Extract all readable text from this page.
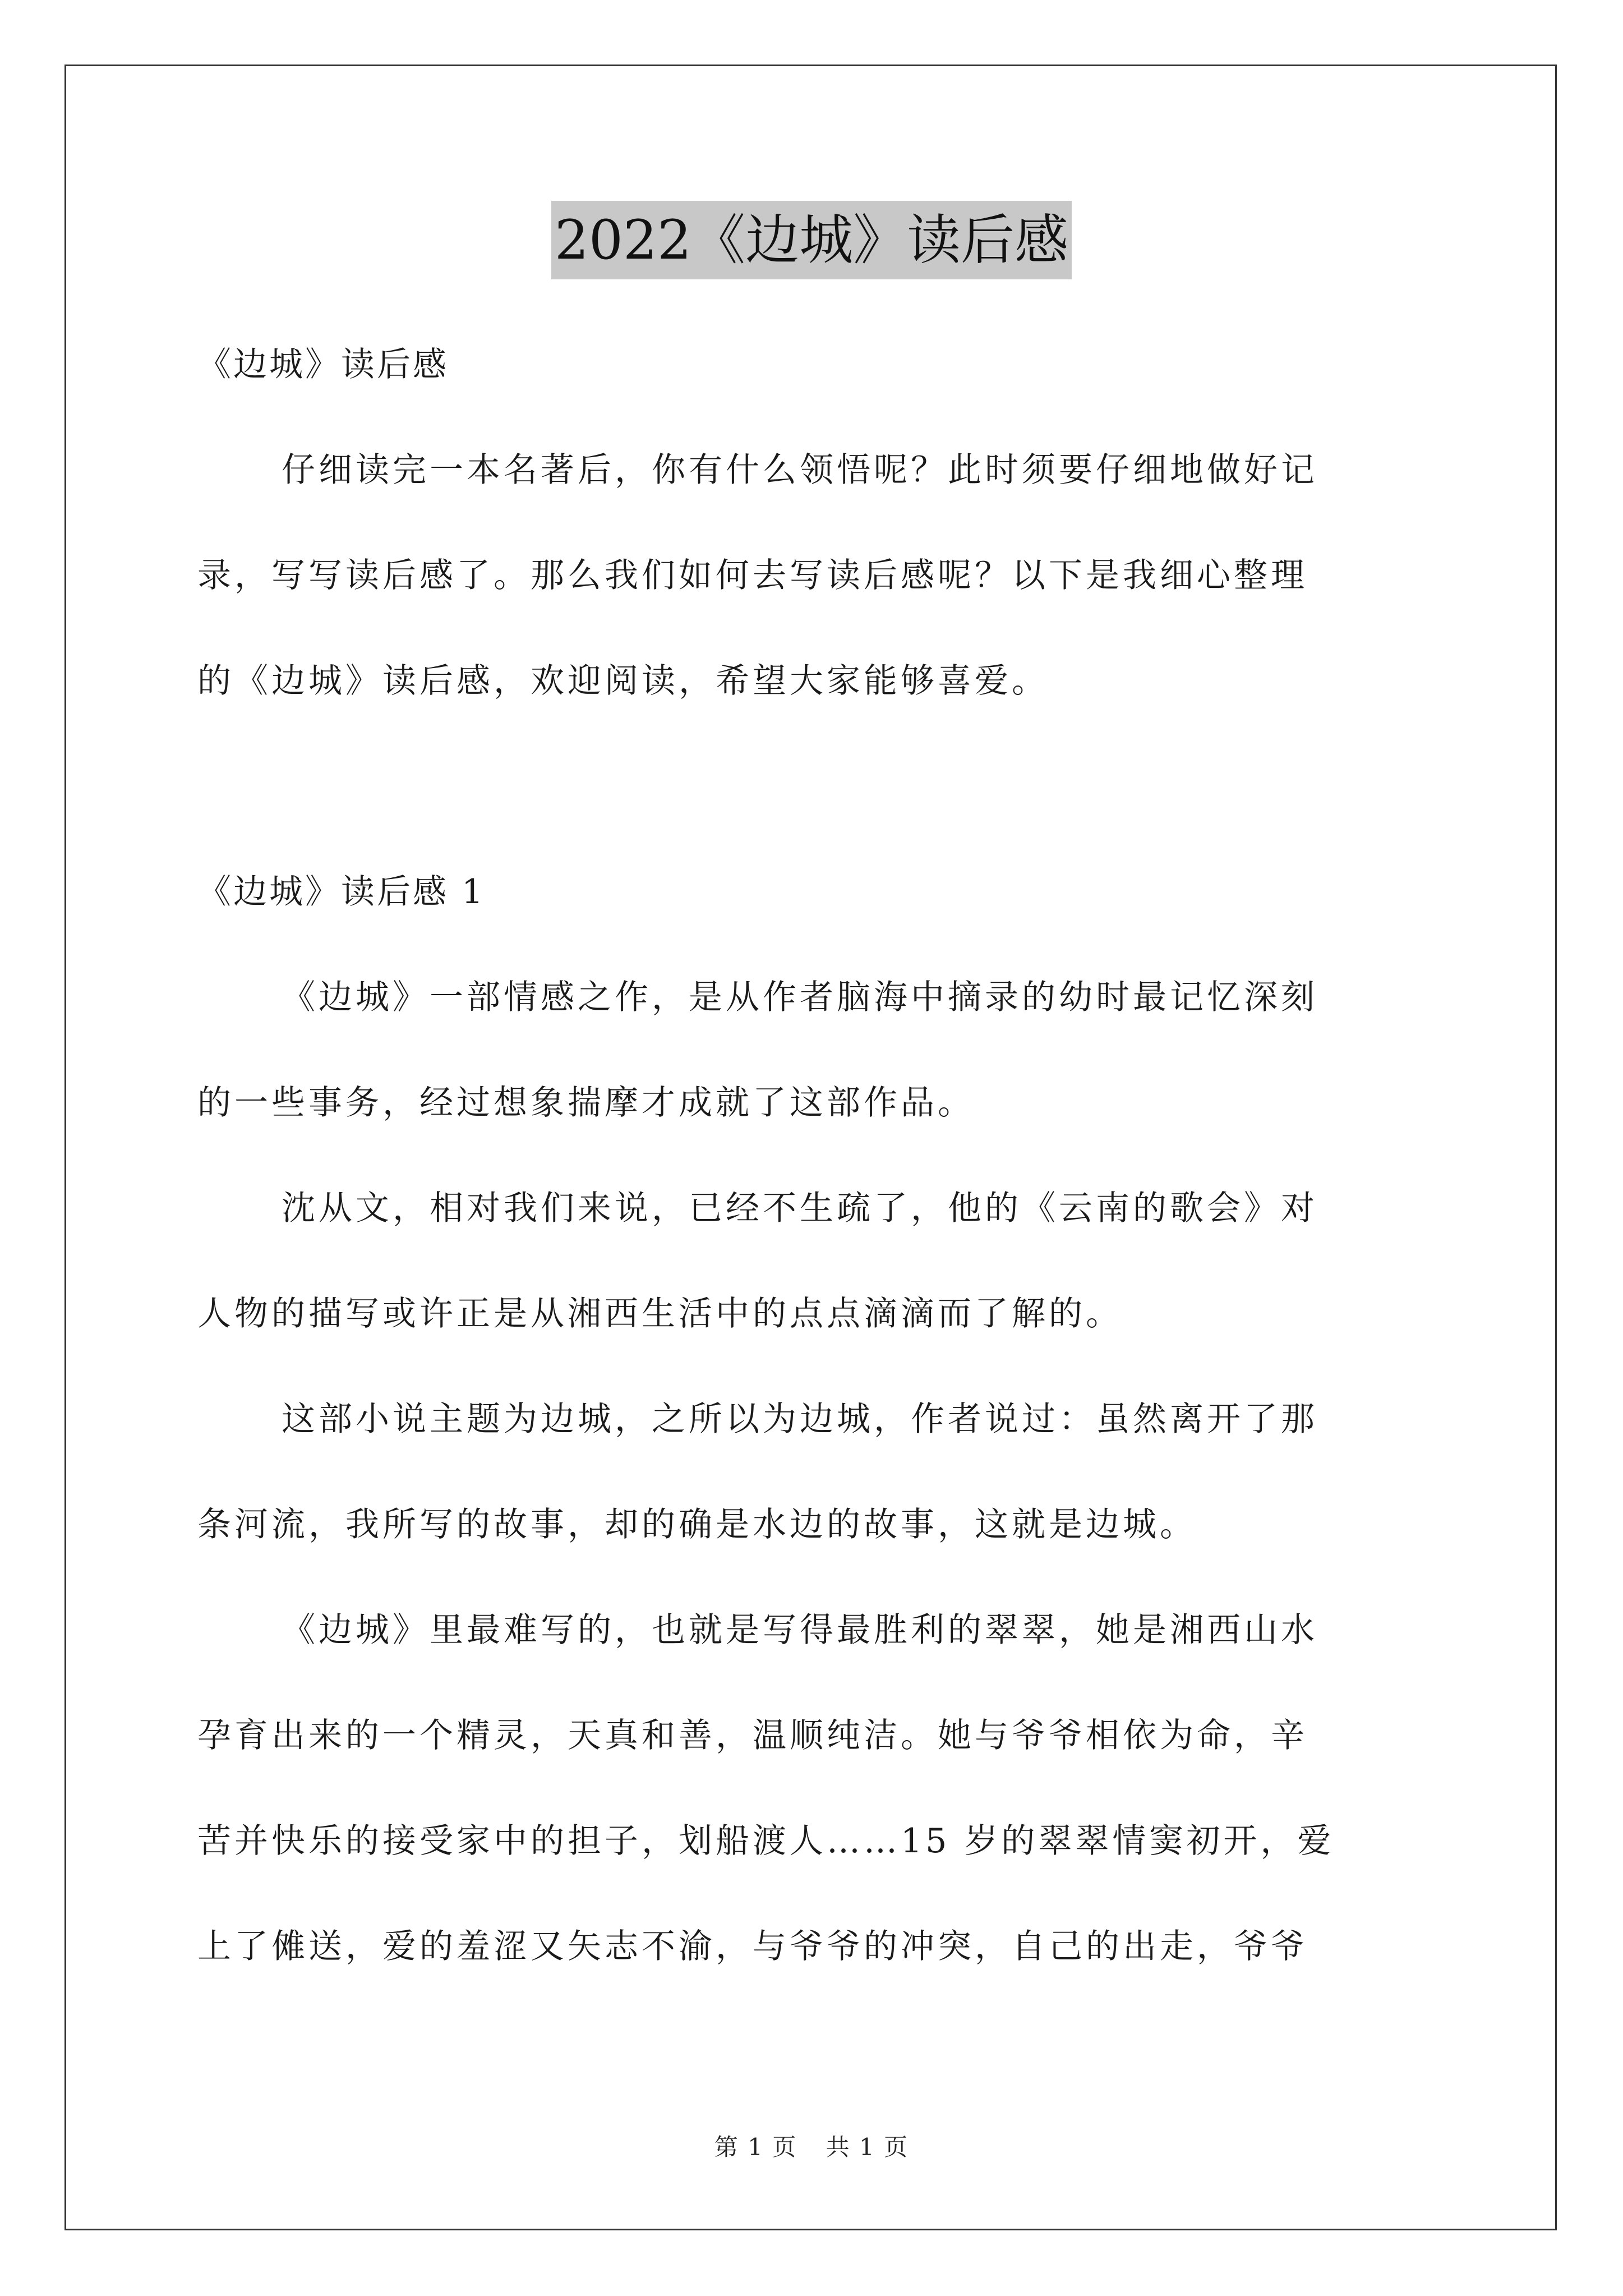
2022《边城》读后感
《边城》读后感
仔细读完一本名著后，你有什么领悟呢？此时须要仔细地做好记
录，写写读后感了。那么我们如何去写读后感呢？以下是我细心整理
的《边城》读后感，欢迎阅读，希望大家能够喜爱。
《边城》读后感 1
《边城》一部情感之作，是从作者脑海中摘录的幼时最记忆深刻
的一些事务，经过想象揣摩才成就了这部作品。
沈从文，相对我们来说，已经不生疏了，他的《云南的歌会》对
人物的描写或许正是从湘西生活中的点点滴滴而了解的。
这部小说主题为边城，之所以为边城，作者说过：虽然离开了那
条河流，我所写的故事，却的确是水边的故事，这就是边城。
《边城》里最难写的，也就是写得最胜利的翠翠，她是湘西山水
孕育出来的一个精灵，天真和善，温顺纯洁。她与爷爷相依为命，辛
苦并快乐的接受家中的担子，划船渡人……15 岁的翠翠情窦初开，爱
上了傩送，爱的羞涩又矢志不渝，与爷爷的冲突，自己的出走，爷爷
第 1 页 共 1 页
